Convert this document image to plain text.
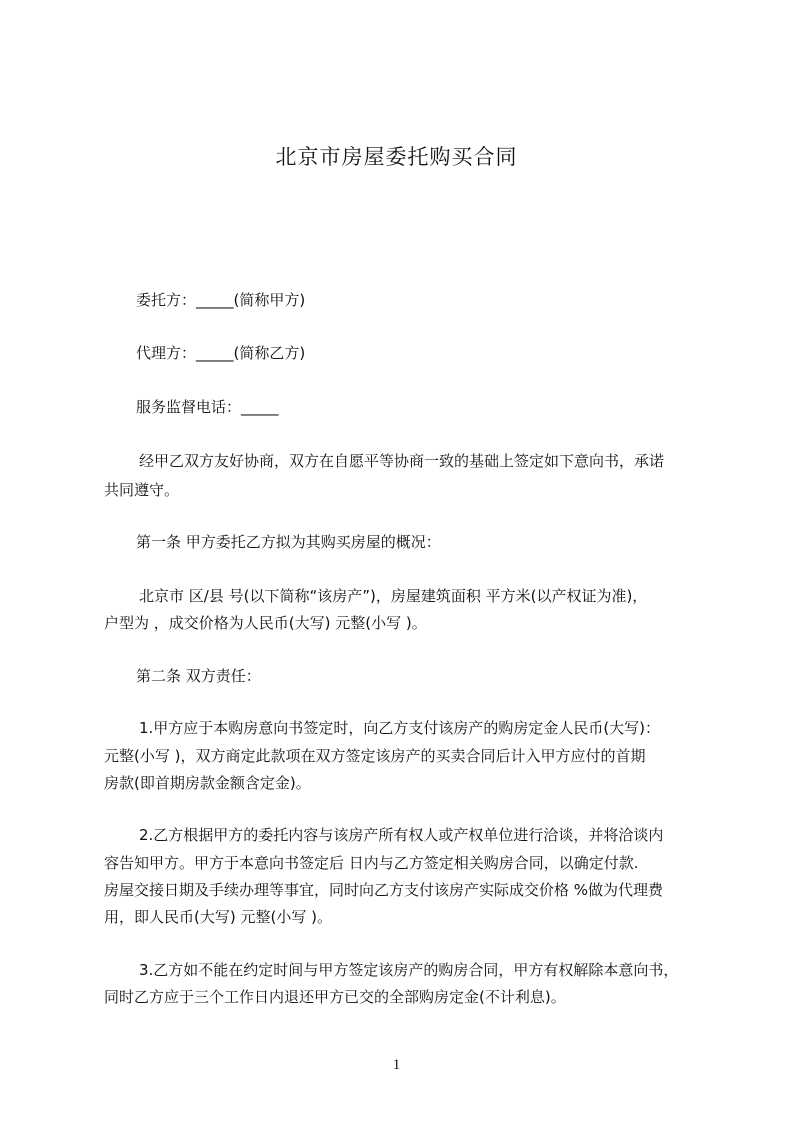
北京市房屋委托购买合同
委托方：_____(简称甲方)
代理方：_____(简称乙方)
服务监督电话：_____
经甲乙双方友好协商，双方在自愿平等协商一致的基础上签定如下意向书，承诺
共同遵守。
第一条 甲方委托乙方拟为其购买房屋的概况：
北京市 区/县 号(以下简称“该房产”)，房屋建筑面积 平方米(以产权证为准)，
户型为 ，成交价格为人民币(大写) 元整(小写 )。
第二条 双方责任：
1.甲方应于本购房意向书签定时，向乙方支付该房产的购房定金人民币(大写)：
元整(小写 )，双方商定此款项在双方签定该房产的买卖合同后计入甲方应付的首期
房款(即首期房款金额含定金)。
2.乙方根据甲方的委托内容与该房产所有权人或产权单位进行洽谈，并将洽谈内
容告知甲方。甲方于本意向书签定后 日内与乙方签定相关购房合同，以确定付款.
房屋交接日期及手续办理等事宜，同时向乙方支付该房产实际成交价格 %做为代理费
用，即人民币(大写) 元整(小写 )。
3.乙方如不能在约定时间与甲方签定该房产的购房合同，甲方有权解除本意向书，
同时乙方应于三个工作日内退还甲方已交的全部购房定金(不计利息)。
1
